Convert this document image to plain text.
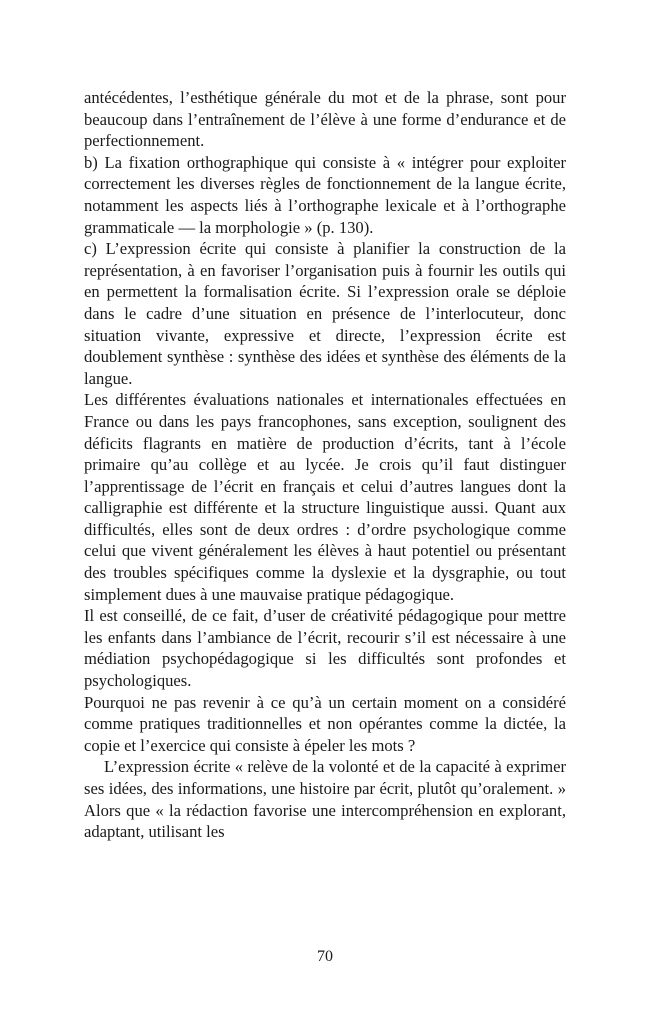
antécédentes, l’esthétique générale du mot et de la phrase, sont pour beaucoup dans l’entraînement de l’élève à une forme d’endurance et de perfectionnement.

b) La fixation orthographique qui consiste à « intégrer pour exploiter correctement les diverses règles de fonctionnement de la langue écrite, notamment les aspects liés à l’orthographe lexicale et à l’orthographe grammaticale — la morphologie » (p. 130).

c) L’expression écrite qui consiste à planifier la construction de la représentation, à en favoriser l’organisation puis à fournir les outils qui en permettent la formalisation écrite. Si l’expression orale se déploie dans le cadre d’une situation en présence de l’interlocuteur, donc situation vivante, expressive et directe, l’expression écrite est doublement synthèse : synthèse des idées et synthèse des éléments de la langue.

Les différentes évaluations nationales et internationales effectuées en France ou dans les pays francophones, sans exception, soulignent des déficits flagrants en matière de production d’écrits, tant à l’école primaire qu’au collège et au lycée. Je crois qu’il faut distinguer l’apprentissage de l’écrit en français et celui d’autres langues dont la calligraphie est différente et la structure linguistique aussi. Quant aux difficultés, elles sont de deux ordres : d’ordre psychologique comme celui que vivent généralement les élèves à haut potentiel ou présentant des troubles spécifiques comme la dyslexie et la dysgraphie, ou tout simplement dues à une mauvaise pratique pédagogique.

Il est conseillé, de ce fait, d’user de créativité pédagogique pour mettre les enfants dans l’ambiance de l’écrit, recourir s’il est nécessaire à une médiation psychopédagogique si les difficultés sont profondes et psychologiques.

Pourquoi ne pas revenir à ce qu’à un certain moment on a considéré comme pratiques traditionnelles et non opérantes comme la dictée, la copie et l’exercice qui consiste à épeler les mots ?

L’expression écrite « relève de la volonté et de la capacité à exprimer ses idées, des informations, une histoire par écrit, plutôt qu’oralement. » Alors que « la rédaction favorise une intercompréhension en explorant, adaptant, utilisant les

70
